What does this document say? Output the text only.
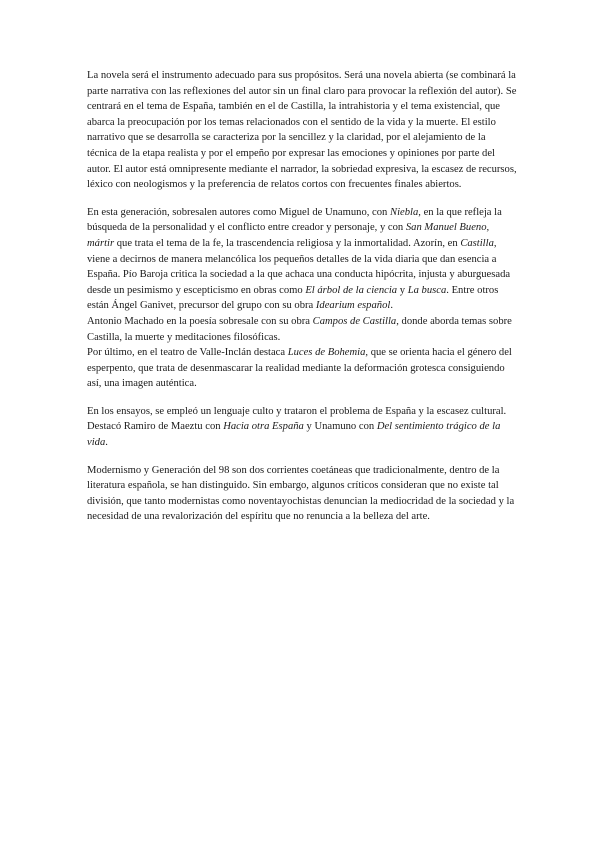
La novela será el instrumento adecuado para sus propósitos. Será una novela abierta (se combinará la parte narrativa con las reflexiones del autor sin un final claro para provocar la reflexión del autor). Se centrará en el tema de España, también en el de Castilla, la intrahistoria y el tema existencial, que abarca la preocupación por los temas relacionados con el sentido de la vida y la muerte. El estilo narrativo que se desarrolla se caracteriza por la sencillez y la claridad, por el alejamiento de la técnica de la etapa realista y por el empeño por expresar las emociones y opiniones por parte del autor. El autor está omnipresente mediante el narrador, la sobriedad expresiva, la escasez de recursos, léxico con neologismos y la preferencia de relatos cortos con frecuentes finales abiertos.

En esta generación, sobresalen autores como Miguel de Unamuno, con Niebla, en la que refleja la búsqueda de la personalidad y el conflicto entre creador y personaje, y con San Manuel Bueno, mártir que trata el tema de la fe, la trascendencia religiosa y la inmortalidad. Azorín, en Castilla, viene a decirnos de manera melancólica los pequeños detalles de la vida diaria que dan esencia a España. Pío Baroja critica la sociedad a la que achaca una conducta hipócrita, injusta y aburguesada desde un pesimismo y escepticismo en obras como El árbol de la ciencia y La busca. Entre otros están Ángel Ganivet, precursor del grupo con su obra Idearium español.

Antonio Machado en la poesía sobresale con su obra Campos de Castilla, donde aborda temas sobre Castilla, la muerte y meditaciones filosóficas.

Por último, en el teatro de Valle-Inclán destaca Luces de Bohemia, que se orienta hacia el género del esperpento, que trata de desenmascarar la realidad mediante la deformación grotesca consiguiendo así, una imagen auténtica.

En los ensayos, se empleó un lenguaje culto y trataron el problema de España y la escasez cultural. Destacó Ramiro de Maeztu con Hacia otra España y Unamuno con Del sentimiento trágico de la vida.

Modernismo y Generación del 98 son dos corrientes coetáneas que tradicionalmente, dentro de la literatura española, se han distinguido. Sin embargo, algunos críticos consideran que no existe tal división, que tanto modernistas como noventayochistas denuncian la mediocridad de la sociedad y la necesidad de una revalorización del espíritu que no renuncia a la belleza del arte.
